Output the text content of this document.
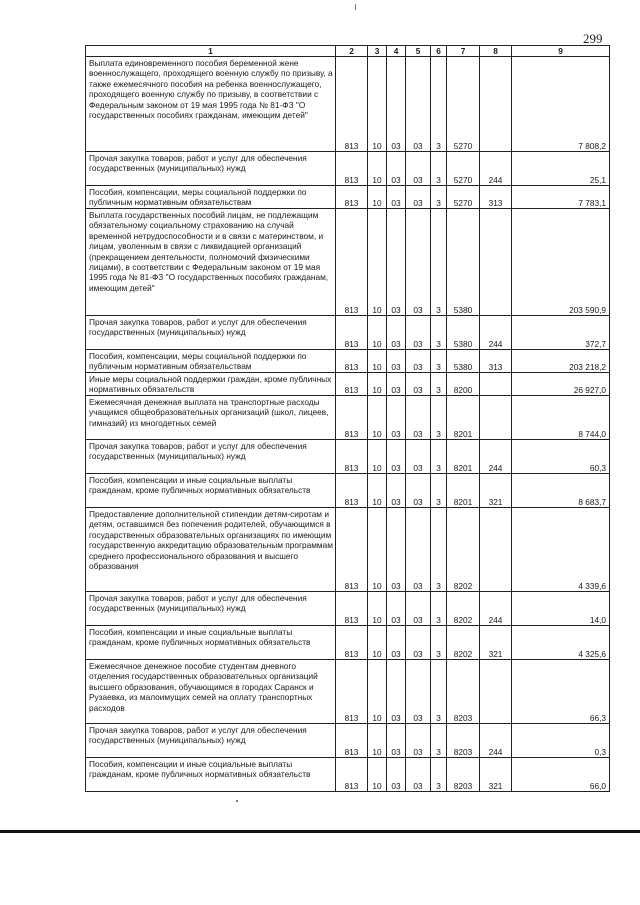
299
1	2	3	4	5	6	7	8	9
Выплата единовременного пособия беременной жене военнослужащего, проходящего военную службу по призыву, а также ежемесячного пособия на ребенка военнослужащего, проходящего военную службу по призыву, в соответствии с Федеральным законом от 19 мая 1995 года № 81-ФЗ "О государственных пособиях гражданам, имеющим детей"	813	10	03	03	3	5270		7 808,2
Прочая закупка товаров, работ и услуг для обеспечения государственных (муниципальных) нужд	813	10	03	03	3	5270	244	25,1
Пособия, компенсации, меры социальной поддержки по публичным нормативным обязательствам	813	10	03	03	3	5270	313	7 783,1
Выплата государственных пособий лицам, не подлежащим обязательному социальному страхованию на случай временной нетрудоспособности и в связи с материнством, и лицам, уволенным в связи с ликвидацией организаций (прекращением деятельности, полномочий физическими лицами), в соответствии с Федеральным законом от 19 мая 1995 года № 81-ФЗ "О государственных пособиях гражданам, имеющим детей"	813	10	03	03	3	5380		203 590,9
Прочая закупка товаров, работ и услуг для обеспечения государственных (муниципальных) нужд	813	10	03	03	3	5380	244	372,7
Пособия, компенсации, меры социальной поддержки по публичным нормативным обязательствам	813	10	03	03	3	5380	313	203 218,2
Иные меры социальной поддержки граждан, кроме публичных нормативных обязательств	813	10	03	03	3	8200		26 927,0
Ежемесячная денежная выплата на транспортные расходы учащимся общеобразовательных организаций (школ, лицеев, гимназий) из многодетных семей	813	10	03	03	3	8201		8 744,0
Прочая закупка товаров, работ и услуг для обеспечения государственных (муниципальных) нужд	813	10	03	03	3	8201	244	60,3
Пособия, компенсации и иные социальные выплаты гражданам, кроме публичных нормативных обязательств	813	10	03	03	3	8201	321	8 683,7
Предоставление дополнительной стипендии детям-сиротам и детям, оставшимся без попечения родителей, обучающимся в государственных образовательных организациях по имеющим государственную аккредитацию образовательным программам среднего профессионального образования и высшего образования	813	10	03	03	3	8202		4 339,6
Прочая закупка товаров, работ и услуг для обеспечения государственных (муниципальных) нужд	813	10	03	03	3	8202	244	14,0
Пособия, компенсации и иные социальные выплаты гражданам, кроме публичных нормативных обязательств	813	10	03	03	3	8202	321	4 325,6
Ежемесячное денежное пособие студентам дневного отделения государственных образовательных организаций высшего образования, обучающимся в городах Саранск и Рузаевка, из малоимущих семей на оплату транспортных расходов	813	10	03	03	3	8203		66,3
Прочая закупка товаров, работ и услуг для обеспечения государственных (муниципальных) нужд	813	10	03	03	3	8203	244	0,3
Пособия, компенсации и иные социальные выплаты гражданам, кроме публичных нормативных обязательств	813	10	03	03	3	8203	321	66,0
